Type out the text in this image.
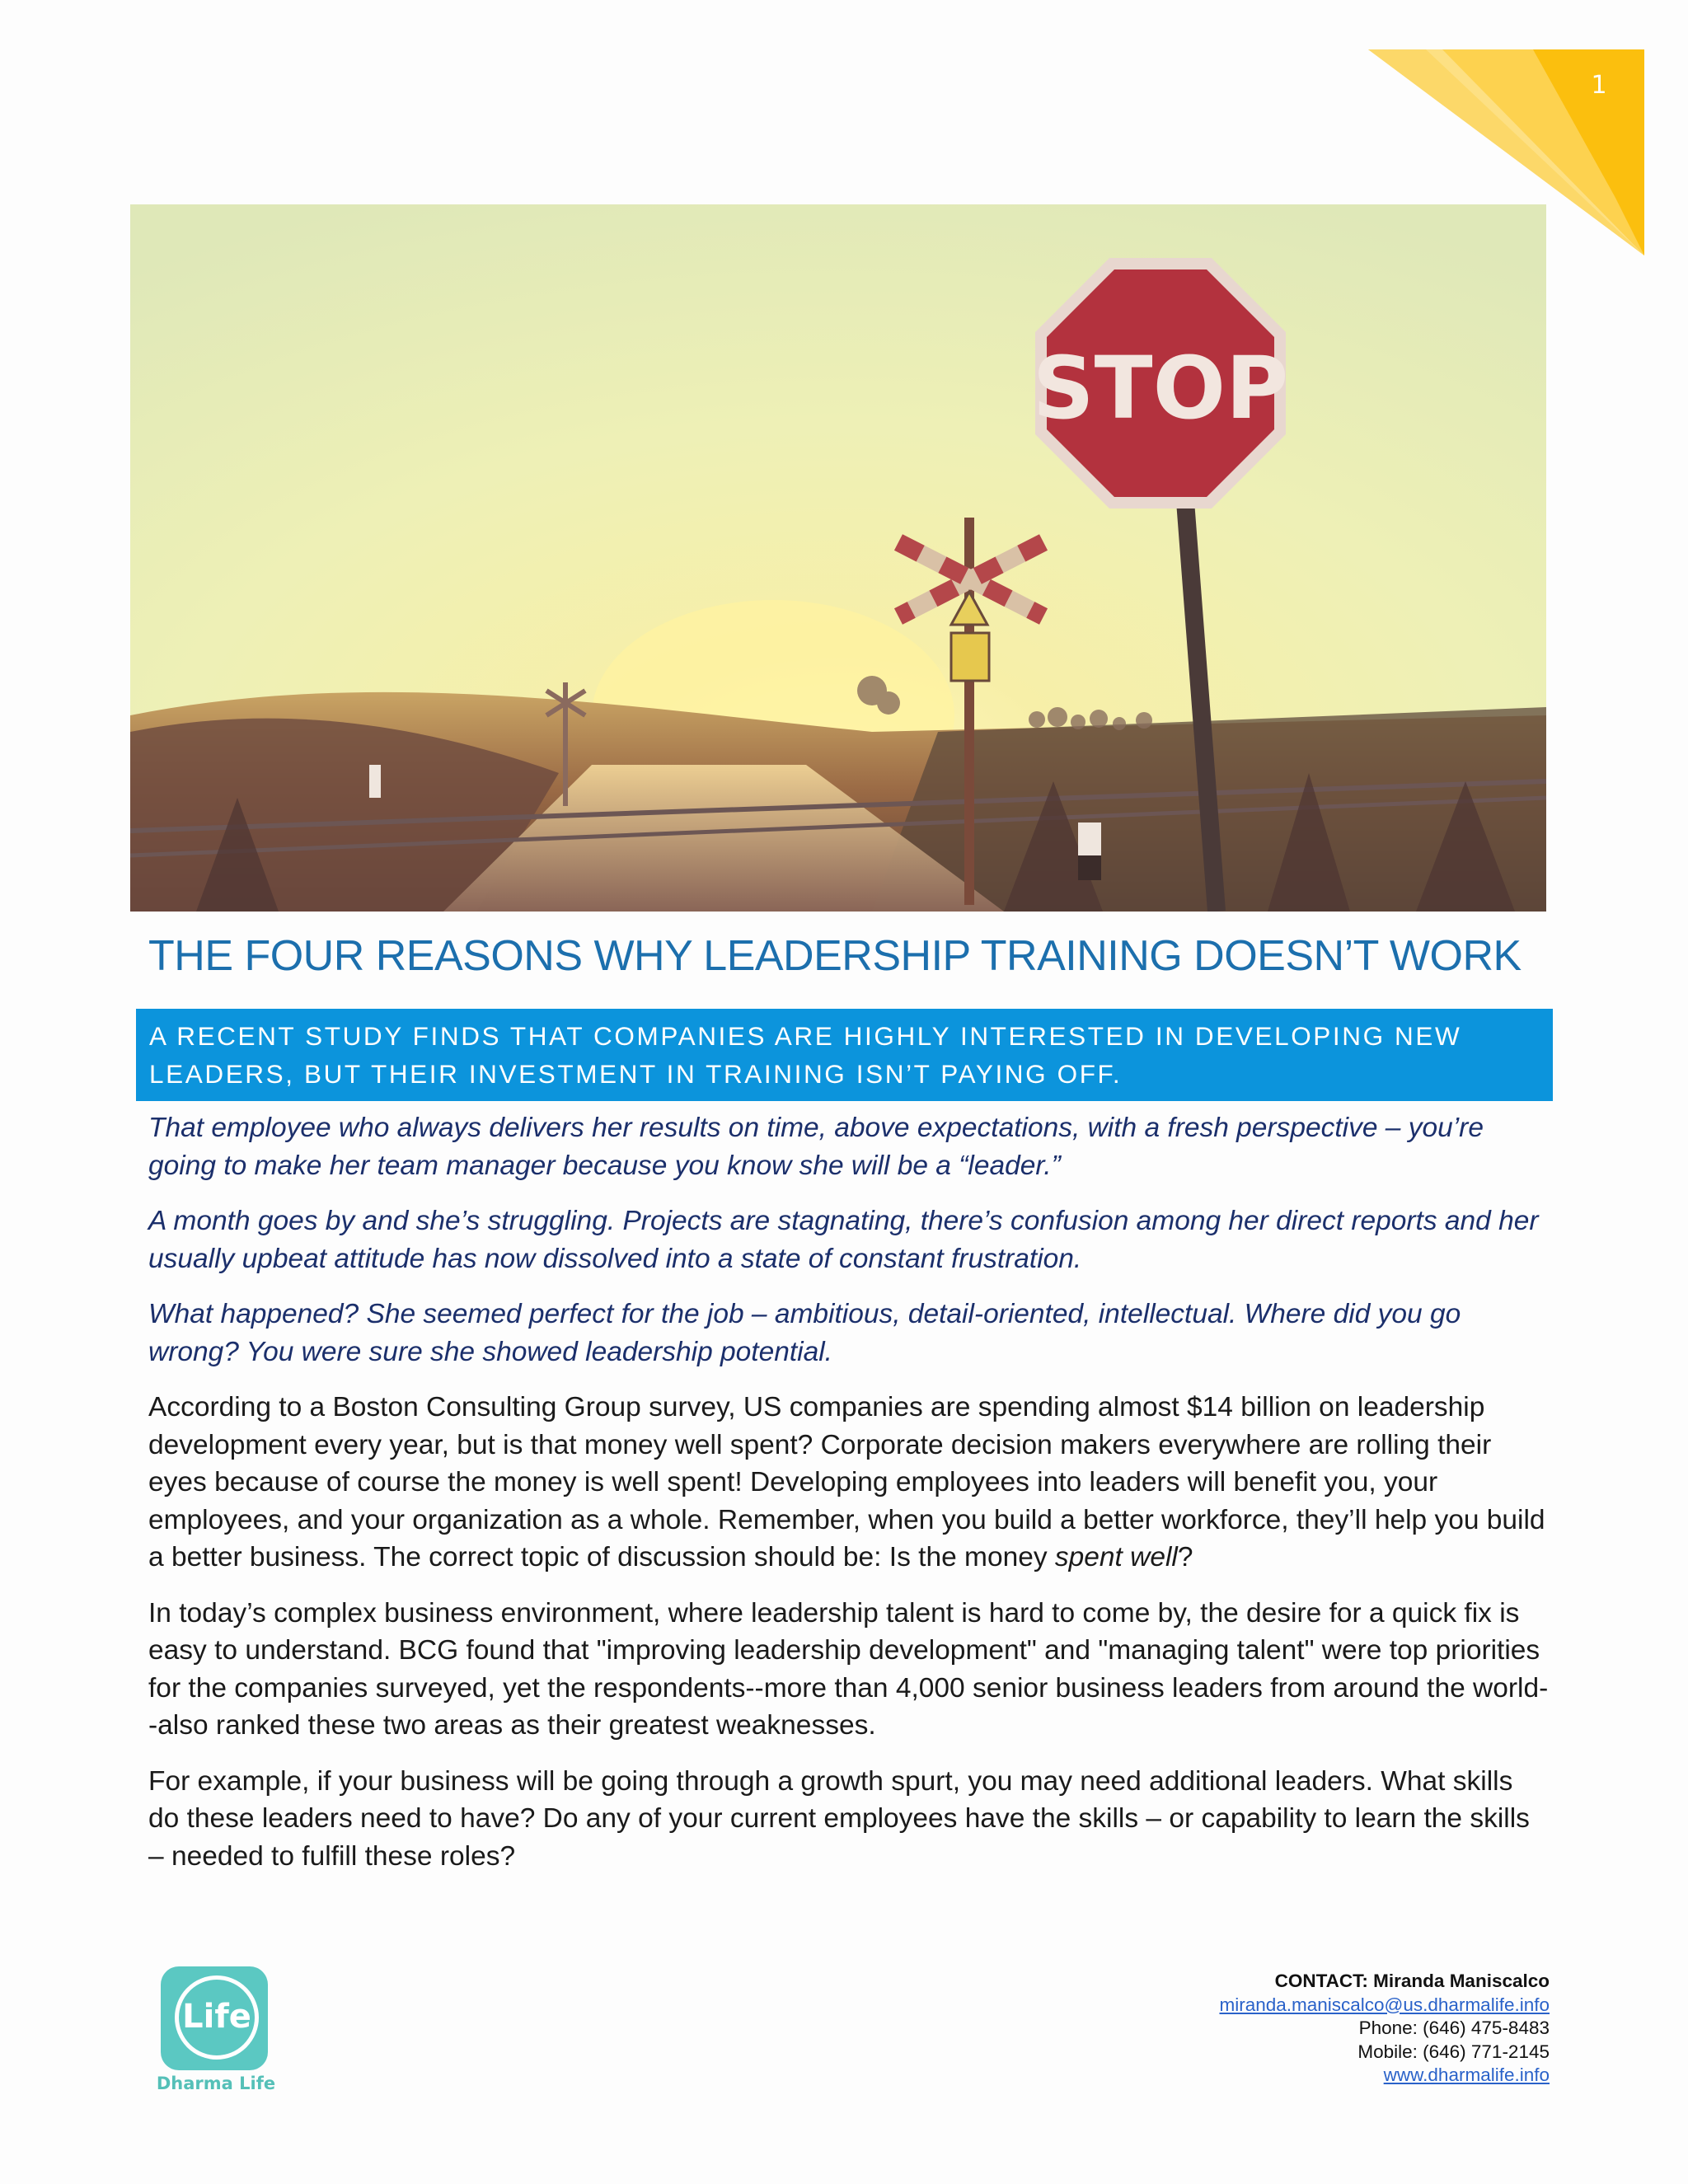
1
STOP
THE FOUR REASONS WHY LEADERSHIP TRAINING DOESN’T WORK
A RECENT STUDY FINDS THAT COMPANIES ARE HIGHLY INTERESTED IN DEVELOPING NEW LEADERS, BUT THEIR INVESTMENT IN TRAINING ISN’T PAYING OFF.

That employee who always delivers her results on time, above expectations, with a fresh perspective – you’re going to make her team manager because you know she will be a “leader.”

A month goes by and she’s struggling. Projects are stagnating, there’s confusion among her direct reports and her usually upbeat attitude has now dissolved into a state of constant frustration.

What happened? She seemed perfect for the job – ambitious, detail-oriented, intellectual. Where did you go wrong? You were sure she showed leadership potential.

According to a Boston Consulting Group survey, US companies are spending almost $14 billion on leadership development every year, but is that money well spent? Corporate decision makers everywhere are rolling their eyes because of course the money is well spent! Developing employees into leaders will benefit you, your employees, and your organization as a whole. Remember, when you build a better workforce, they’ll help you build a better business. The correct topic of discussion should be: Is the money spent well?

In today’s complex business environment, where leadership talent is hard to come by, the desire for a quick fix is easy to understand. BCG found that "improving leadership development" and "managing talent" were top priorities for the companies surveyed, yet the respondents--more than 4,000 senior business leaders from around the world--also ranked these two areas as their greatest weaknesses.

For example, if your business will be going through a growth spurt, you may need additional leaders. What skills do these leaders need to have? Do any of your current employees have the skills – or capability to learn the skills – needed to fulfill these roles?

Life
Dharma Life
CONTACT: Miranda Maniscalco
miranda.maniscalco@us.dharmalife.info
Phone: (646) 475-8483
Mobile: (646) 771-2145
www.dharmalife.info
